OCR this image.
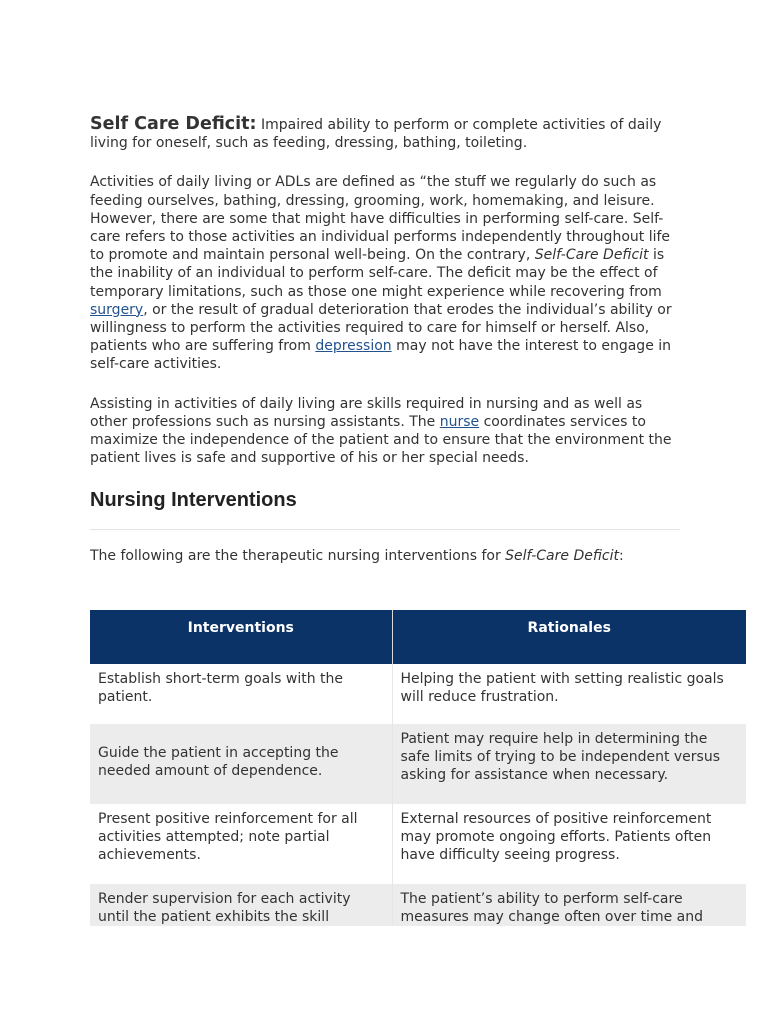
Self Care Deficit: Impaired ability to perform or complete activities of daily living for oneself, such as feeding, dressing, bathing, toileting.

Activities of daily living or ADLs are defined as “the stuff we regularly do such as feeding ourselves, bathing, dressing, grooming, work, homemaking, and leisure. However, there are some that might have difficulties in performing self-care. Self-care refers to those activities an individual performs independently throughout life to promote and maintain personal well-being. On the contrary, Self-Care Deficit is the inability of an individual to perform self-care. The deficit may be the effect of temporary limitations, such as those one might experience while recovering from surgery, or the result of gradual deterioration that erodes the individual’s ability or willingness to perform the activities required to care for himself or herself. Also, patients who are suffering from depression may not have the interest to engage in self-care activities.

Assisting in activities of daily living are skills required in nursing and as well as other professions such as nursing assistants. The nurse coordinates services to maximize the independence of the patient and to ensure that the environment the patient lives is safe and supportive of his or her special needs.

Nursing Interventions

The following are the therapeutic nursing interventions for Self-Care Deficit:

Interventions	Rationales
Establish short-term goals with the patient.	Helping the patient with setting realistic goals will reduce frustration.
Guide the patient in accepting the needed amount of dependence.	Patient may require help in determining the safe limits of trying to be independent versus asking for assistance when necessary.
Present positive reinforcement for all activities attempted; note partial achievements.	External resources of positive reinforcement may promote ongoing efforts. Patients often have difficulty seeing progress.
Render supervision for each activity until the patient exhibits the skill	The patient’s ability to perform self-care measures may change often over time and
